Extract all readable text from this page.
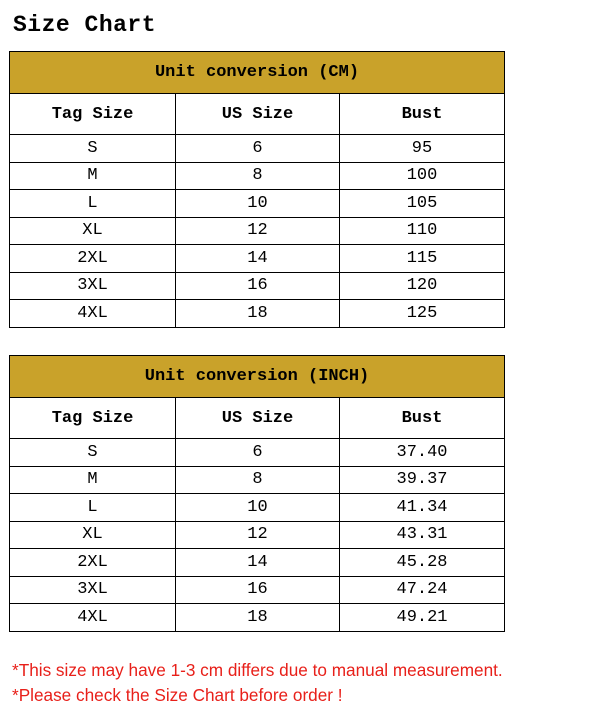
Size Chart
Unit conversion (CM)		
Tag Size	US Size	Bust
S	6	95
M	8	100
L	10	105
XL	12	110
2XL	14	115
3XL	16	120
4XL	18	125
Unit conversion (INCH)		
Tag Size	US Size	Bust
S	6	37.40
M	8	39.37
L	10	41.34
XL	12	43.31
2XL	14	45.28
3XL	16	47.24
4XL	18	49.21
*This size may have 1-3 cm differs due to manual measurement.
*Please check the Size Chart before order !
